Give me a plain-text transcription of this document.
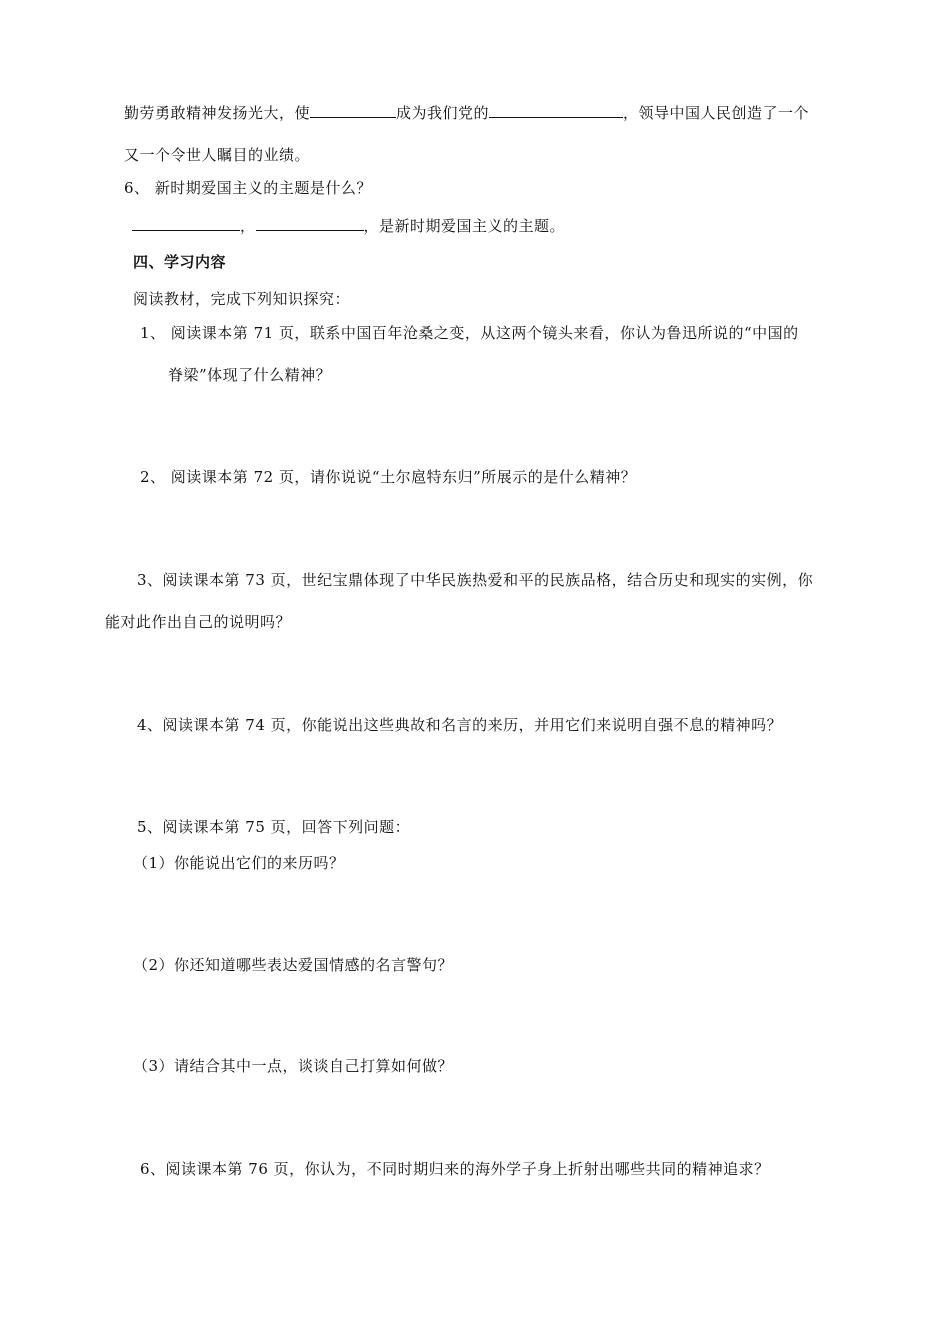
勤劳勇敢精神发扬光大，使	成为我们党的	，领导中国人民创造了一个
又一个令世人瞩目的业绩。
6、 新时期爱国主义的主题是什么？
，	，是新时期爱国主义的主题。
四、学习内容
阅读教材，完成下列知识探究：
1、 阅读课本第 71 页，联系中国百年沧桑之变，从这两个镜头来看，你认为鲁迅所说的“中国的
脊梁”体现了什么精神？
2、 阅读课本第 72 页，请你说说“土尔扈特东归”所展示的是什么精神？
3、阅读课本第 73 页，世纪宝鼎体现了中华民族热爱和平的民族品格，结合历史和现实的实例，你
能对此作出自己的说明吗？
4、阅读课本第 74 页，你能说出这些典故和名言的来历，并用它们来说明自强不息的精神吗？
5、阅读课本第 75 页，回答下列问题：
（1）你能说出它们的来历吗？
（2）你还知道哪些表达爱国情感的名言警句？
（3）请结合其中一点，谈谈自己打算如何做？
6、阅读课本第 76 页，你认为，不同时期归来的海外学子身上折射出哪些共同的精神追求？
